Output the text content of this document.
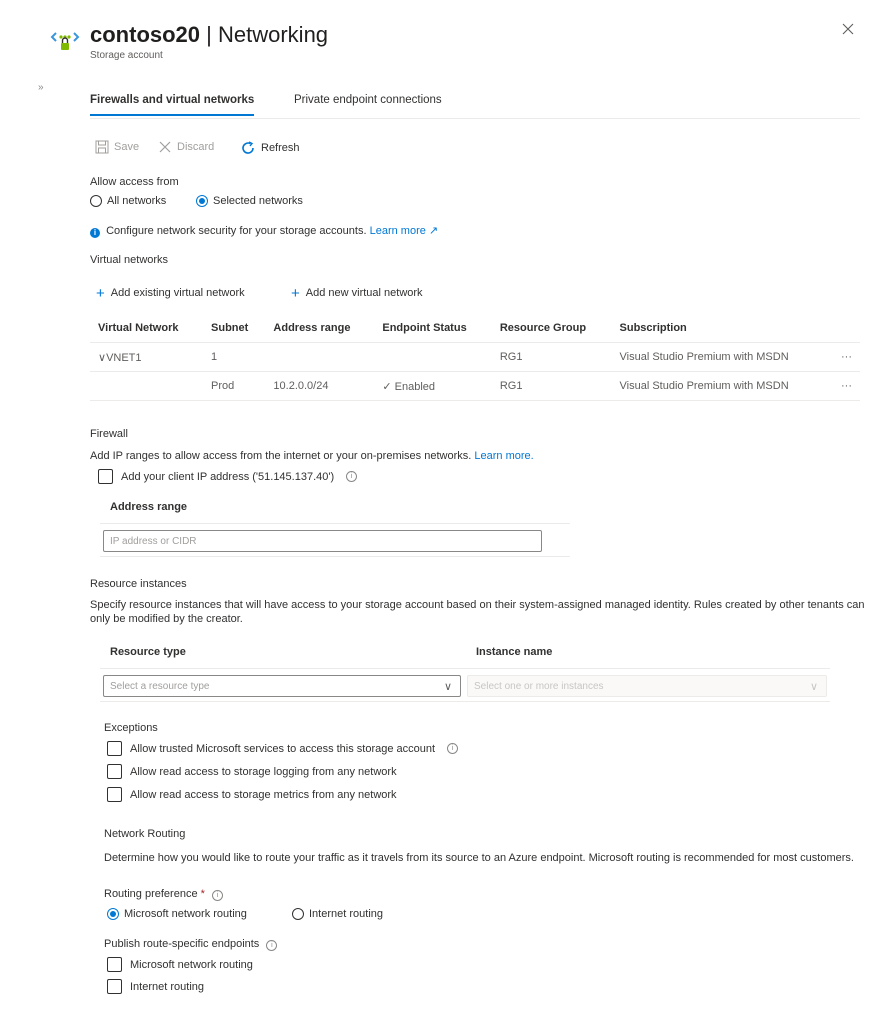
contoso20 | Networking
Storage account
»
Firewalls and virtual networks	Private endpoint connections
Save	Discard	Refresh
Allow access from
All networks	Selected networks
i Configure network security for your storage accounts. Learn more ↗
Virtual networks
+ Add existing virtual network	+ Add new virtual network
Virtual Network	Subnet	Address range	Endpoint Status	Resource Group	Subscription	
∨VNET1	1			RG1	Visual Studio Premium with MSDN	···
	Prod	10.2.0.0/24	✓ Enabled	RG1	Visual Studio Premium with MSDN	···
Firewall
Add IP ranges to allow access from the internet or your on-premises networks. Learn more.
Add your client IP address ('51.145.137.40')	i
Address range
IP address or CIDR
Resource instances
Specify resource instances that will have access to your storage account based on their system-assigned managed identity. Rules created by other tenants can only be modified by the creator.
Resource type	Instance name
Select a resource type	∨ Select one or more instances	∨
Exceptions
Allow trusted Microsoft services to access this storage account	i
Allow read access to storage logging from any network
Allow read access to storage metrics from any network
Network Routing
Determine how you would like to route your traffic as it travels from its source to an Azure endpoint. Microsoft routing is recommended for most customers.
Routing preference * i
Microsoft network routing	Internet routing
Publish route-specific endpoints i
Microsoft network routing
Internet routing
